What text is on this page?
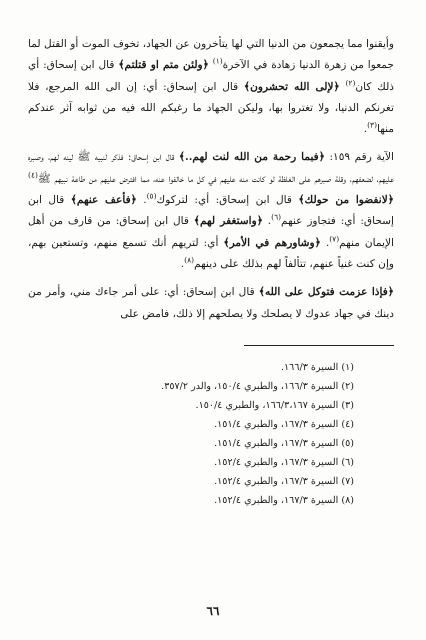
وأيقنوا مما يجمعون من الدنيا التي لها يتأخرون عن الجهاد، تخوف الموت أو القتل لما جمعوا من زهرة الدنيا زهادة في الآخرة$^{(١)}$ ﴿ولئن متم او قتلتم﴾ قال ابن إسحاق: أي ذلك كان$^{(٢)}$ ﴿لإلى الله تحشرون﴾ قال ابن إسحاق: أي: إن الى الله المرجع، فلا تغرنكم الدنيا، ولا تغتروا بها، وليكن الجهاد ما رغبكم الله فيه من ثوابه آثر عندكم منها$^{(٣)}$.

الآية رقم ١٥٩: ﴿فبما رحمة من الله لنت لهم..﴾ قال ابن إسحاق: فذكر لنبيه ﷺ لينه لهم، وصبره عليهم، لضعفهم، وقلة صبرهم على الغلظة لو كانت منه عليهم في كل ما خالفوا عنه، مما افترض عليهم من طاعة نبيهم ﷺ$^{(٤)}$ ﴿لانفضوا من حولك﴾ قال ابن إسحاق: أي: لتركوك$^{(٥)}$. ﴿فأعف عنهم﴾ قال ابن إسحاق: أي: فتجاوز عنهم$^{(٦)}$. ﴿واستغفر لهم﴾ قال ابن إسحاق: من قارف من أهل الإيمان منهم$^{(٧)}$. ﴿وشاورهم في الأمر﴾ أي: لتريهم أنك تسمع منهم، وتستعين بهم، وإن كنت غنياً عنهم، تتألفاً لهم بذلك على دينهم$^{(٨)}$.

﴿فإذا عزمت فتوكل على الله﴾ قال ابن إسحاق: أي: على أمر جاءك مني، وأمر من دينك في جهاد عدوك لا يصلحك ولا يصلحهم إلا ذلك، فامض على

(١) السيرة ١٦٦/٣.
(٢) السيرة ١٦٦/٣، والطبري ١٥٠/٤، والدر ٣٥٧/٢.
(٣) السيرة ١٦٦/٣،١٦٧، والطبري ١٥٠/٤.
(٤) السيرة ١٦٧/٣، والطبري ١٥١/٤.
(٥) السيرة ١٦٧/٣، والطبري ١٥١/٤.
(٦) السيرة ١٦٧/٣، والطبري ١٥٢/٤.
(٧) السيرة ١٦٧/٣، والطبري ١٥٢/٤.
(٨) السيرة ١٦٧/٣، والطبري ١٥٢/٤.
٦٦
